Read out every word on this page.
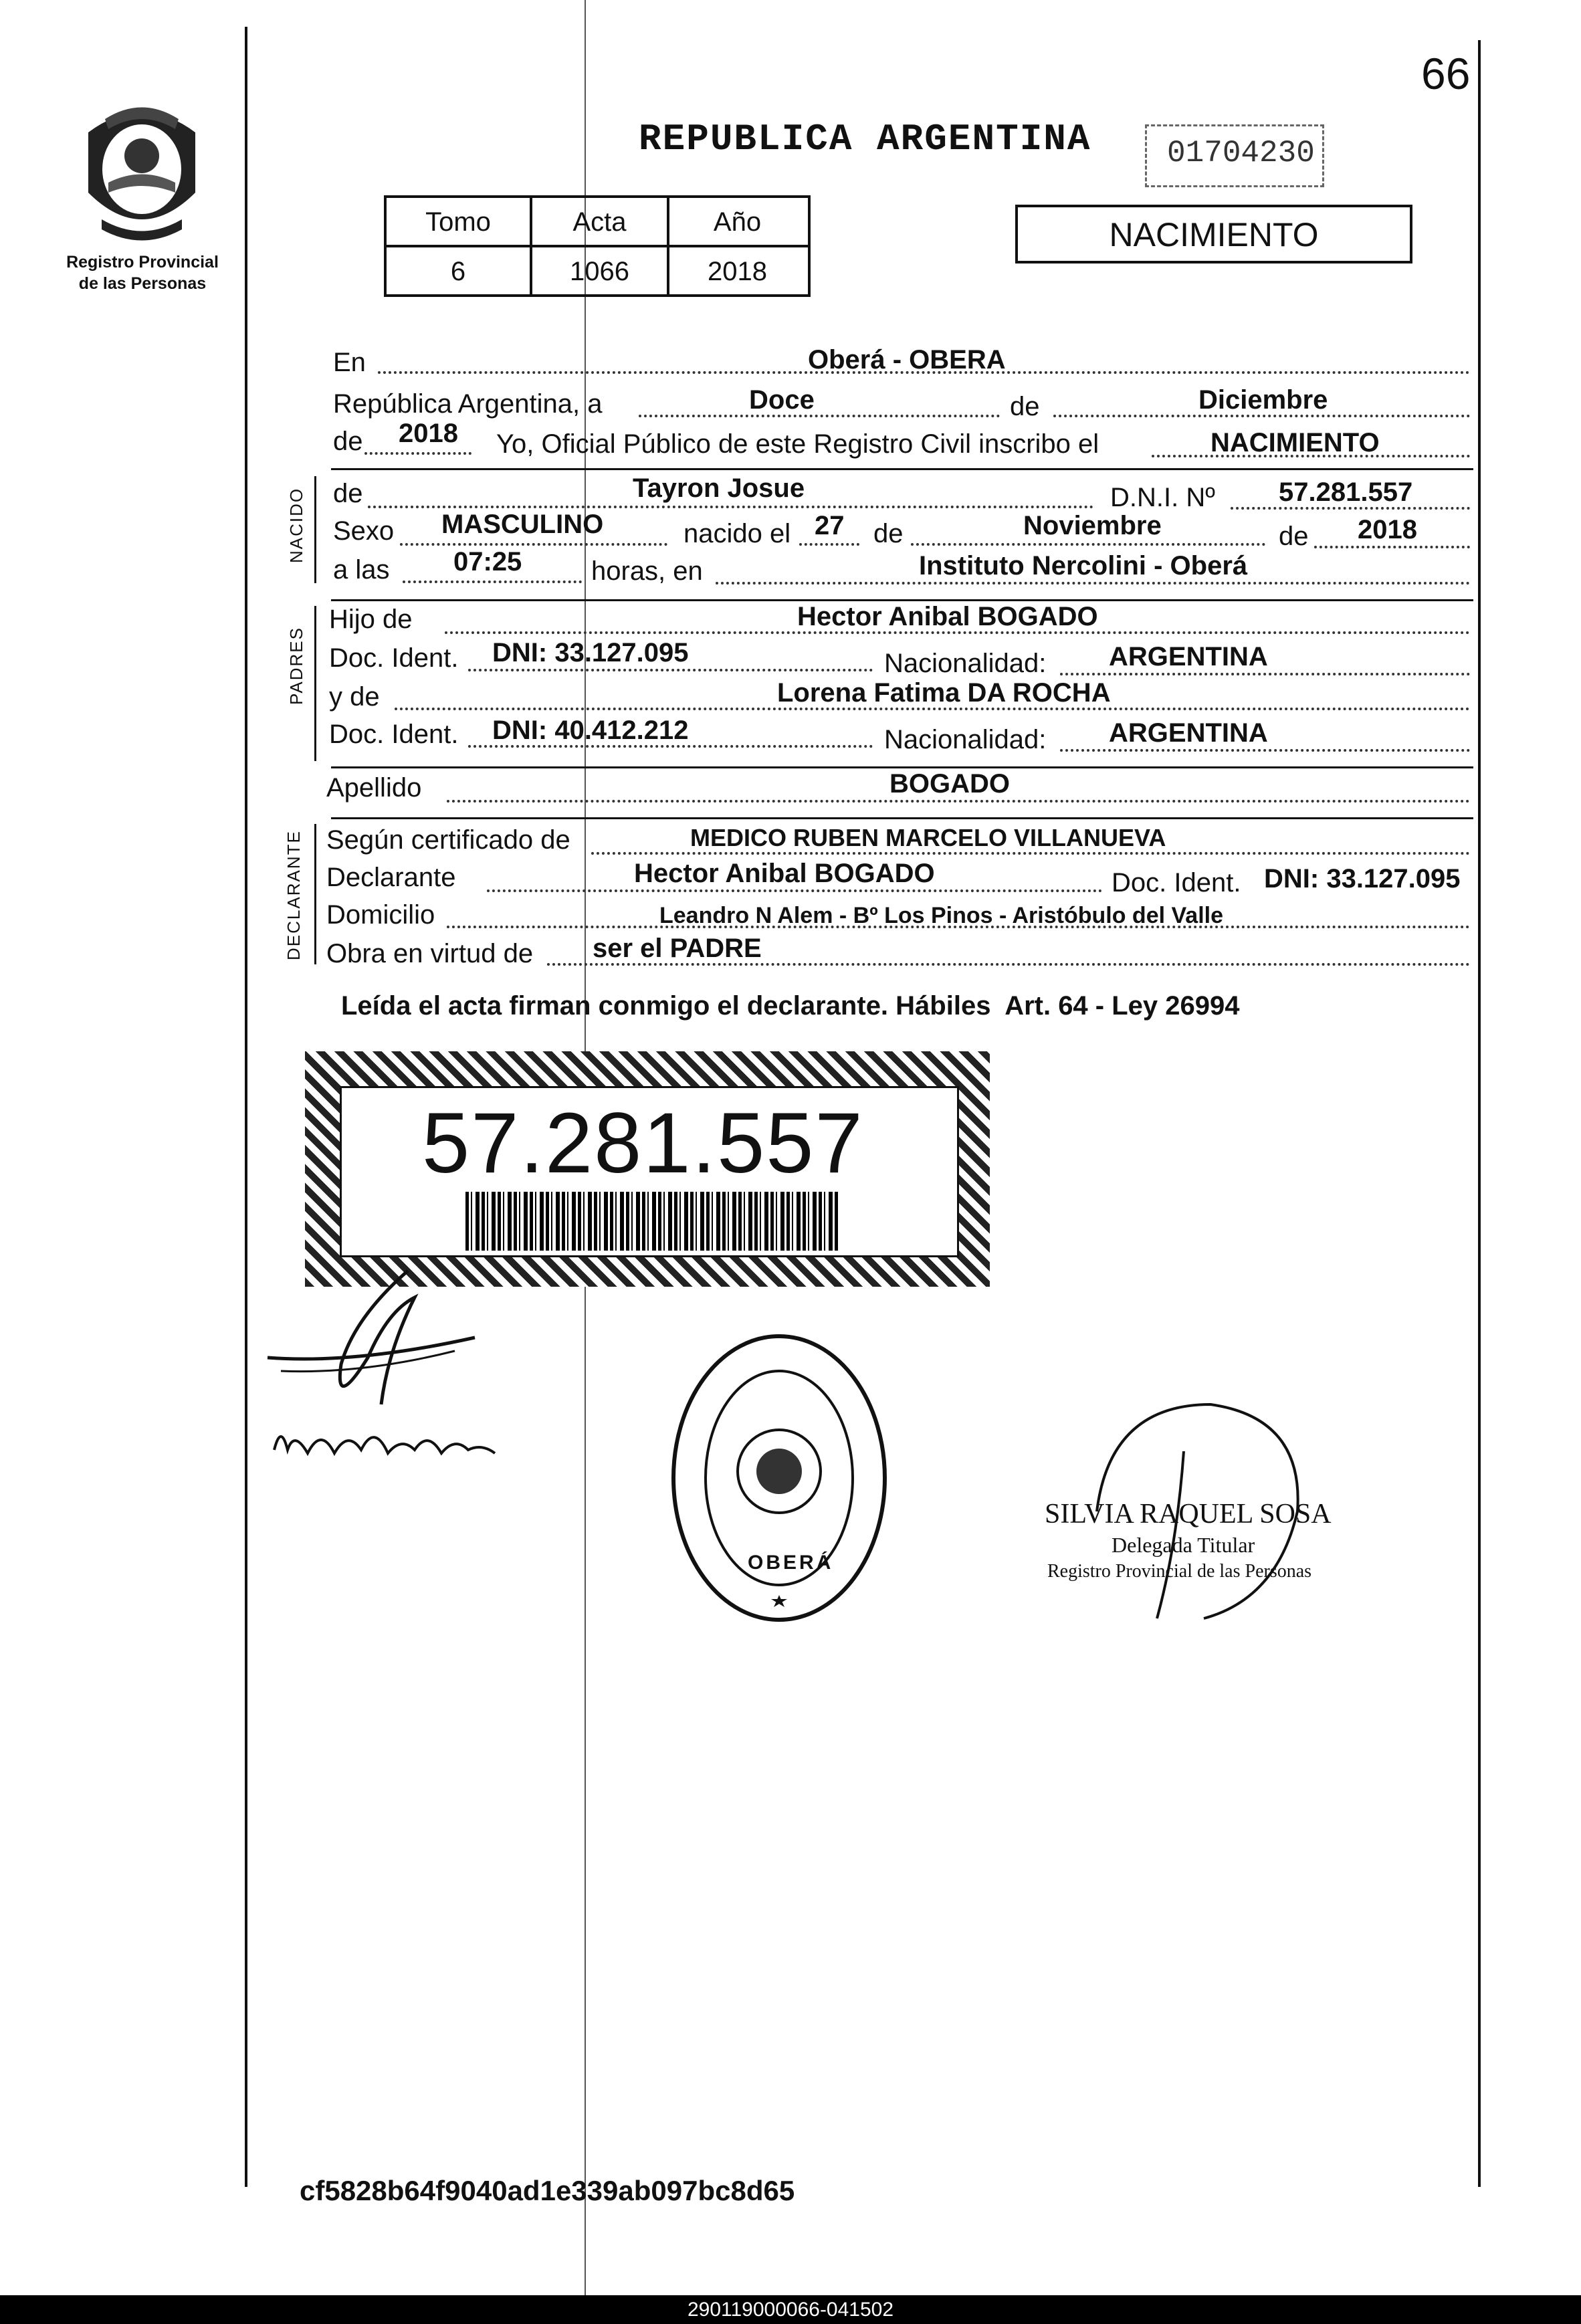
66
Registro Provincial
de las Personas
REPUBLICA ARGENTINA	01704230
NACIMIENTO
Tomo	Acta	Año
6	1066	2018
En	Oberá - OBERA
República Argentina, a	Doce	de	Diciembre
de 2018 Yo, Oficial Público de este Registro Civil inscribo el	NACIMIENTO
NACIDO de	Tayron Josue	D.N.I. Nº 57.281.557
Sexo MASCULINO	nacido el 27 de	Noviembre	de 2018
a las 07:25	horas, en	Instituto Nercolini - Oberá
PADRES
Hijo de	Hector Anibal BOGADO
Doc. Ident. DNI: 33.127.095	Nacionalidad: ARGENTINA
y de	Lorena Fatima DA ROCHA
Doc. Ident. DNI: 40.412.212	Nacionalidad: ARGENTINA
Apellido	BOGADO
DECLARANTE Según certificado de	MEDICO RUBEN MARCELO VILLANUEVA
Declarante	Hector Anibal BOGADO	Doc. Ident. DNI: 33.127.095
Domicilio	Leandro N Alem - Bº Los Pinos - Aristóbulo del Valle
Obra en virtud de ser el PADRE
Leída el acta firman conmigo el declarante. Hábiles  Art. 64 - Ley 26994
57.281.557
OBERÁ
SILVIA RAQUEL SOSA
Delegada Titular
Registro Provincial de las Personas
cf5828b64f9040ad1e339ab097bc8d65
290119000066-041502
